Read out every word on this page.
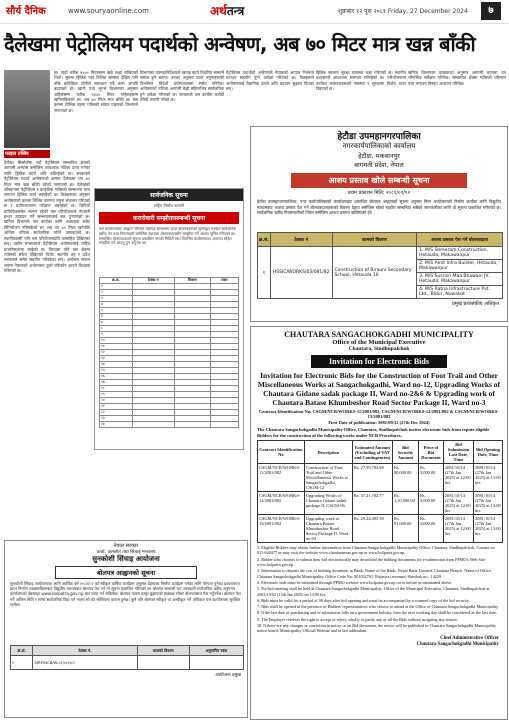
सौर्य दैनिक	www.souryaonline.com	अर्थतन्त्र	शुक्रबार १२ पुस २०८१ Friday, 27 December 2024	७
दैलेखमा पेट्रोलियम पदार्थको अन्वेषण, अब ७० मिटर मात्र खन्न बाँकी
फाइल तस्बिर
दैलेख। सिलोर्जमा नयाँ पेट्रोलियम सम्भावित क्षेत्रको आगामी अभ्यास बमोजिम आवश्यक नतिजा प्राप्त गर्नका लागि ड्रिलिङ कार्य अघि बढिरहेको छ। सरकारले पेट्रोलियम पदार्थ अन्वेषणको क्रममा दैलेखमा थप ७० मिटर मात्र खन्न बाँकी रहेको जनाएको छ। दैलेखको श्रीस्थानमा पेट्रोलियम र प्राकृतिक ग्याँसको सम्भावना पत्ता लगाउन ड्रिलिङ कार्य भइरहेको छ। विज्ञहरूका अनुसार अन्वेषणको क्रममा विभिन्न चरणमा नमुना संकलन गरिएको छ र प्रयोगशालामा परीक्षण भइरहेको छ। चिनियाँ प्राविधिकसमेत संलग्न रहेको यस परियोजनाले नेपालमै इन्धन उत्पादन गर्ने सम्भावनालाई बल पुर्‍याएको छ। खनिज विभागले यस कार्यका लागि आवश्यक बजेट विनियोजन गरिसकेको छ। अब थप ७० मिटर खनेपछि अन्तिम नतिजा सार्वजनिक गरिने जनाइएको छ। स्थानीयवासी पनि यस परियोजनाप्रति उत्साहित देखिएका छन्। उद्योग मन्त्रालयले पेट्रोलियम अन्वेषणलाई राष्ट्रिय प्राथमिकतामा राखेको छ। विगतमा पनि यस क्षेत्रमा ग्याँसको संकेत देखिएको थियो। स्थानीय तह र प्रदेश सरकारले समेत सहयोग गरिरहेका छन्। अन्वेषण सफल भएमा नेपालको अर्थतन्त्रमा ठूलो परिवर्तन आउने विश्वास गरिएको छ।
छ। त्यहाँ करिब ४५०० मिटरसम्म खन्ने लक्ष्य राखिएको थियो। सुरुमा ड्रिलिङ गर्दा विभिन्न समस्या देखिए पनि पछि प्राविधिक टोलीले समाधान गर्दै काम अगाडि बढाएको हो। खानी तथा भूगर्भ विभागका अनुसार अहिलेसम्म करिब ४४३० मिटर गहिराइसम्म खनिसकिएको छ। अब ७० मिटर मात्र बाँकी छ। यस क्रममा विभिन्न तहमा ग्याँसको संकेत पाइएको विभागले जनाएको छ।
विभागका उपमहानिर्देशकले खनाइ कार्य निर्धारित समयमै सम्पन्न हुने बताए। उनका अनुसार प्राप्त नमुनाहरूको विश्लेषण विदेशी प्रयोगशालामा समेत गरिनेछ। अन्वेषणको नतिजा आगामी केही महिनाभित्र सार्वजनिक हुने अपेक्षा गरिएको छ। सरकारले यस कार्यमा करोडौं रुपैयाँ लगानी गरेको छ।
पेट्रोलियम पदार्थको अन्वेषणले नेपालको आयात निर्भरता घटाउन सहयोग पुग्ने अपेक्षा गरिएको छ। विज्ञहरूले अन्वेषणलाई वैज्ञानिक ढंगले अघि बढाउन सुझाव दिएका छन्।
ड्रिलिङ स्थलमा सुरक्षा व्यवस्था कडा गरिएको छ। स्थानीय प्रशासनले आवश्यक समन्वय गरिरहेको छ। परियोजनामा कार्यरत कामदारहरूको स्वास्थ्य र सुरक्षामा विशेष ध्यान दिइएको छ।
खनिज विभागका प्रवक्ताका अनुसार आगामी चरणमा थप भौगर्भिक सर्वेक्षण गरिनेछ। सम्भावित क्षेत्रमा ग्याँसको परिमाण पत्ता लगाउन विस्तृत अध्ययन गरिनेछ।
सार्वजनिक सूचना
राष्ट्रिय निर्माण कम्पनी
करारोवारी सम्झौतासम्बन्धी सूचना
यस कार्यालयबाट आह्वान गरिएको बोलपत्र सम्बन्धमा प्राप्त बोलपत्रहरूको मूल्याङ्कन पश्चात सार्वजनिक खरिद ऐन तथा नियमावली बमोजिम देहायका बोलपत्रदातासँग सम्झौता गर्ने आशय सूचित गरिएको छ। सम्बन्धित बोलपत्रदाताले सूचना प्रकाशित भएको मितिले सात दिनभित्र कार्यसम्पादन जमानत सहित सम्झौता गर्न आउनु हुन अनुरोध छ।
क्र.सं.	ठेक्का नं	विवरण	रकम
१			
२			
३			
४			
५			
६			
७			
८			
९			
१०			
११			
१२			
१३			
१४			
१५			
१६			
१७			
१८			
१९			
२०			
२१			
२२			
२३			
२४			
हेटौडा उपमहानगरपालिका
नगरकार्यपालिकाको कार्यालय
हेटौडा, मकवानपुर
बागमती प्रदेश, नेपाल
आशय प्रस्ताव खोले सम्बन्धी सूचना
प्रथम प्रकाशन मिति: २०८१/०९/१२
हेटौडा उपमहानगरपालिका, नगर कार्यपालिकाको कार्यालयबाट प्रकाशित बोलपत्र आह्वानको सूचना अनुसार निम्न आयोजनाको निर्माण कार्यका लागि विद्युतीय माध्यमबाट आशय प्रस्ताव पेश गर्ने बोलपत्रदाताहरूको विवरण देहाय बमोजिम रहेको व्यहोरा सम्बन्धित सबैको जानकारीका लागि यो सूचना प्रकाशित गरिएको छ। सार्वजनिक खरिद नियमावलीको नियम बमोजिम आशय प्रस्ताव खोलिएको हो।
क्र.सं.	ठेक्का नं	कामको विवरण	आशय प्रस्ताव पेश गर्ने बोलपत्रदाता
१	HSSIC/WORKS/03/081/82	Construction of Birauni Secondary School, Hetauda 16	1. M/S Shreeram Construction, Hetauda, Makawanpur
			2. M/S Amit Infra Builder, Hetauda, Makawanpur
			3. M/S Susrisri Maa Bhawani JV, Hetauda, Makawanpur
			4. M/S Ratna Infrastructure Pvt. Ltd., Bidur, Nuwakot
प्रमुख प्रशासकीय अधिकृत
CHAUTARA SANGACHOKGADHI MUNICIPALITY
Office of the Municipal Executive
Chautara, Sindhupalchok
Invitation for Electronic Bids
Invitation for Electronic Bids for the Construction of Foot Trail and Other Miscellaneous Works at Sangachokgadhi, Ward no-12, Upgrading Works of Chautara Gidane sadak package II, Ward no-2&6 & Upgrading work of Chautara Batase Khumbeshor Road Sector Package II, Ward no-3
Contract Identification No: CSGM/NCB/WORKS-11/2081/082, CSGM/NCB/WORKS-12/2081/082 & CSGM/NCB/WORKS-13/2081/082
First Date of publication: 2081/09/12 (27th Dec 2024)
The Chautara Sangachokgadhi Municipality Office, Chautara, Sindhupalchok invites electronic bids from repute eligible Bidders for the construction of the following works under NCB Procedures.
Contract Identification No	Description	Estimated Amount (Excluding of VAT and Contingencies)	Bid Security Amount	Price of Bid Document	Bid Submission Last Date, Time	Bid Opening Date, Time
CSGM/NCB/WORKS-11/2081/082	Construction of Foot Trail and Other Miscellaneous Works at Sangachokgadhi, CSGM-12	Rs. 27,99,784.98	Rs. 90,000.00	Rs. 3,000.00	2081/10/14 (27th Jan 2025) at 12:00 hrs	2081/10/14 (27th Jan 2025) at 13:00 hrs
CSGM/NCB/WORKS-12/2081/082	Upgrading Works of Chautara Gidane sadak package II, CSGM-06	Rs. 37,21,782.77	Rs. 1,10,000.00	Rs. 3,000.00	2081/10/14 (27th Jan 2025) at 12:00 hrs	2081/10/14 (27th Jan 2025) at 13:00 hrs
CSGM/NCB/WORKS-13/2081/082	Upgrading work of Chautara Batase Khumbeshor Road Sector Package II, Ward no-03	Rs. 29,24,495.58	Rs. 91,000.00	Rs. 3,000.00	2081/10/14 (27th Jan 2025) at 12:00 hrs	2081/10/14 (27th Jan 2025) at 13:00 hrs

1. Eligible Bidders may obtain further information from Chautara Sangachokgadhi Municipality Office, Chautara, Sindhupalchok, Contact no 011-620477 or may visit the website www.chautaramun.gov.np or www.bolpatra.gov.np.

2. Bidder who chooses to submit their bid electronically may download the bidding documents for e-submission from PPMO's Web Site www.bolpatra.gov.np.

3. Information to deposit the cost of bidding document in Bank: Name of the Bank: Nepal Bank Limited, Chautara Branch. Name of Office: Chautara Sangachokgadhi Municipality. Office Code No: 801032701. Rajaswa (revenue) Shirshak no.: 14229

4. Electronic bids must be submitted through PPMO website www.bolpatra.gov.np on or before as mentioned above.

5. Pre-bid meeting shall be held at Chautara Sangachokgadhi Municipality, Office of the Municipal Executive, Chautara, Sindhupalchok at 2081/10/02 (15th Jan 2025) on 13:00 hrs.

6. Bids must be valid for a period of 90 days after bid opening and must be accompanied by a scanned copy of the bid security.

7. Bids shall be opened in the presence of Bidders' representatives who choose to attend at the Office of Chautara Sangachokgadhi Municipality.

8. If the last date of purchasing and or submission falls on a government holiday, then the next working day shall be considered as the last date.

9. The Employer reserves the right to accept or reject, wholly or partly any or all the Bids without assigning any reason.

10. If there are any changes or correction in notice or on Bid document, the notice will be published in Chautara Sangachokgadhi Municipality notice board, Municipality Official Website and in bid addendum.

Chief Administrative Officer
Chautara Sangachokgadhi Municipality
नेपाल सरकार
ऊर्जा, जलस्रोत तथा सिंचाइ मन्त्रालय
सुनकोशी सिंचाइ आयोजना
बोलपत्र आह्वानको सूचना
सुनकोशी सिंचाइ आयोजनाका लागि आर्थिक वर्ष २०८१/८२ को स्वीकृत वार्षिक कार्यक्रम अनुसार देहायका निर्माण कार्यहरू गर्नका लागि योग्यता पुगेका इजाजतपत्र प्राप्त निर्माण व्यवसायीहरूबाट विद्युतीय माध्यमबाट बोलपत्र पेश गर्न यो सूचना प्रकाशित गरिएको छ। बोलपत्र सम्बन्धी थप जानकारी सार्वजनिक खरिद अनुगमन कार्यालयको वेबसाइट www.bolpatra.gov.np बाट प्राप्त गर्न सकिनेछ। बोलपत्र फारम दस्तुर बुझाएको सक्कल भौचर बोलपत्रसाथ पेश गर्नुपर्नेछ। बोलपत्र पेश गर्ने अन्तिम मिति र समय सार्वजनिक विदा पर्न गएमा सो को भोलिपल्ट कायम हुनेछ। कुनै पनि बोलपत्र स्वीकृत वा अस्वीकृत गर्ने अधिकार यस कार्यालयमा सुरक्षित रहनेछ।
क्र.सं.	ठेक्का नं.	कामको विवरण	अनुमानित रकम
१	SIRP/NCB/W-०१/०८१/८२		
आयोजना प्रमुख
